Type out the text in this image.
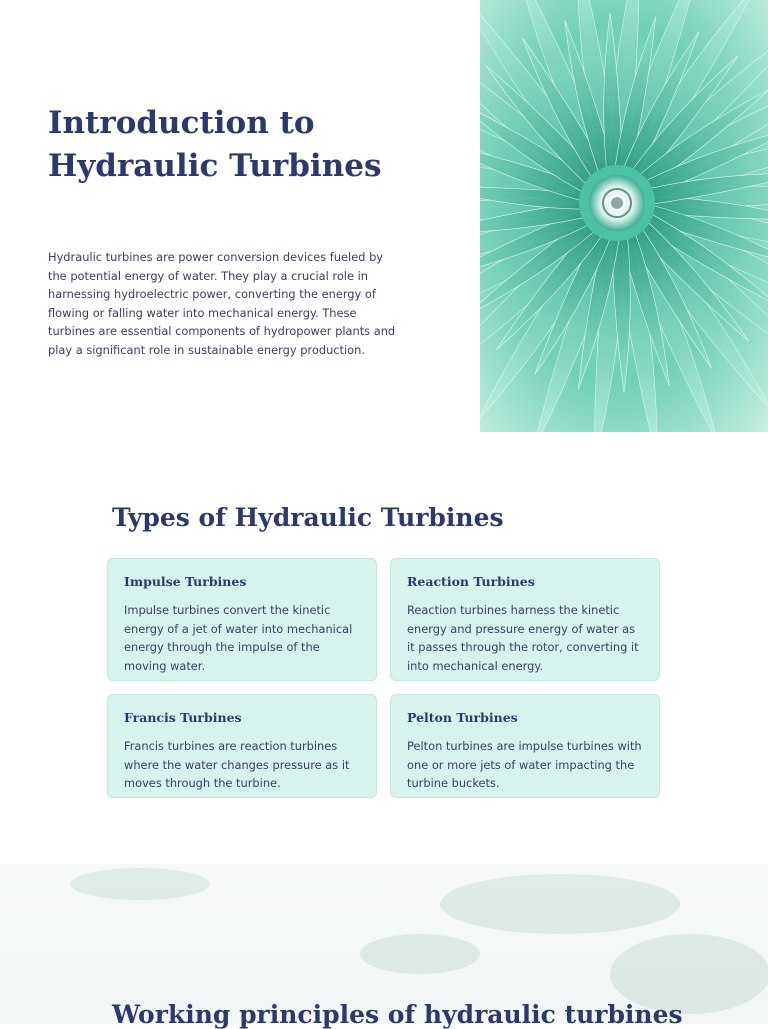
Introduction to
Hydraulic Turbines

Hydraulic turbines are power conversion devices fueled by the potential energy of water. They play a crucial role in harnessing hydroelectric power, converting the energy of flowing or falling water into mechanical energy. These turbines are essential components of hydropower plants and play a significant role in sustainable energy production.

Types of Hydraulic Turbines
Impulse Turbines

Impulse turbines convert the kinetic energy of a jet of water into mechanical energy through the impulse of the moving water.

Reaction Turbines

Reaction turbines harness the kinetic energy and pressure energy of water as it passes through the rotor, converting it into mechanical energy.

Francis Turbines

Francis turbines are reaction turbines where the water changes pressure as it moves through the turbine.

Pelton Turbines

Pelton turbines are impulse turbines with one or more jets of water impacting the turbine buckets.

Working principles of hydraulic turbines
